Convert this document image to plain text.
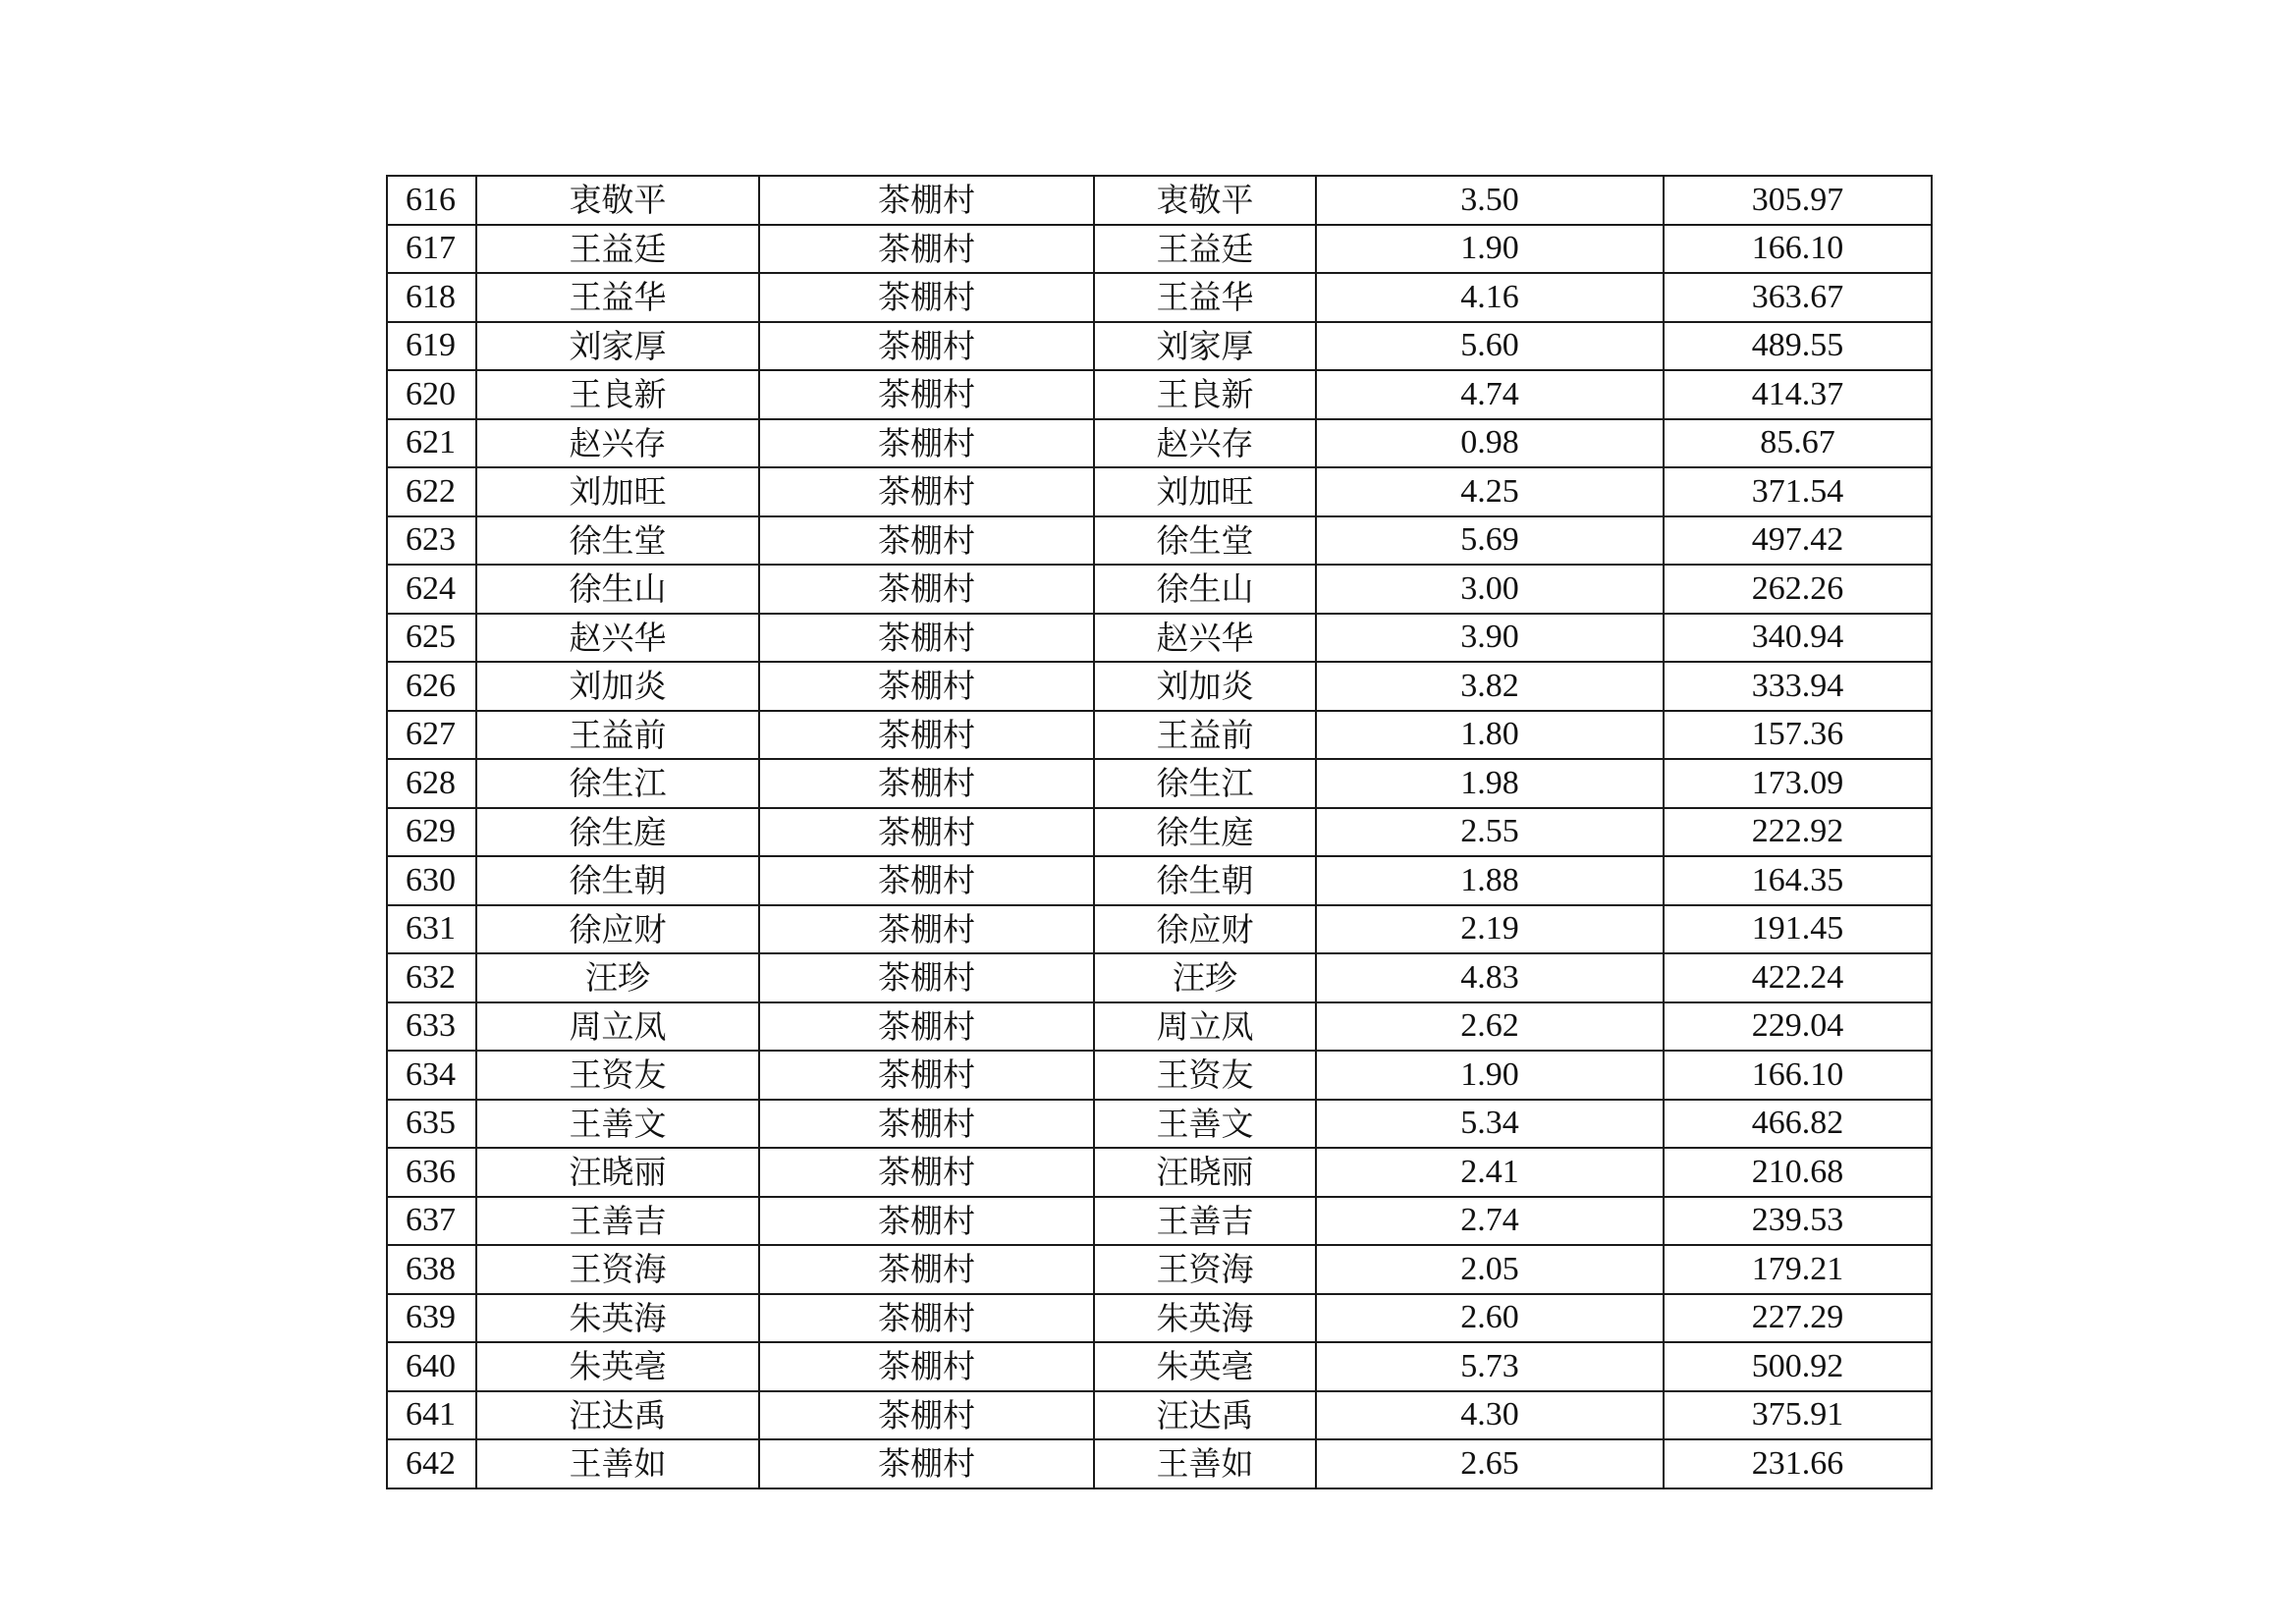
616	衷敬平	茶棚村	衷敬平	3.50	305.97
617	王益廷	茶棚村	王益廷	1.90	166.10
618	王益华	茶棚村	王益华	4.16	363.67
619	刘家厚	茶棚村	刘家厚	5.60	489.55
620	王良新	茶棚村	王良新	4.74	414.37
621	赵兴存	茶棚村	赵兴存	0.98	85.67
622	刘加旺	茶棚村	刘加旺	4.25	371.54
623	徐生堂	茶棚村	徐生堂	5.69	497.42
624	徐生山	茶棚村	徐生山	3.00	262.26
625	赵兴华	茶棚村	赵兴华	3.90	340.94
626	刘加炎	茶棚村	刘加炎	3.82	333.94
627	王益前	茶棚村	王益前	1.80	157.36
628	徐生江	茶棚村	徐生江	1.98	173.09
629	徐生庭	茶棚村	徐生庭	2.55	222.92
630	徐生朝	茶棚村	徐生朝	1.88	164.35
631	徐应财	茶棚村	徐应财	2.19	191.45
632	汪珍	茶棚村	汪珍	4.83	422.24
633	周立凤	茶棚村	周立凤	2.62	229.04
634	王资友	茶棚村	王资友	1.90	166.10
635	王善文	茶棚村	王善文	5.34	466.82
636	汪晓丽	茶棚村	汪晓丽	2.41	210.68
637	王善吉	茶棚村	王善吉	2.74	239.53
638	王资海	茶棚村	王资海	2.05	179.21
639	朱英海	茶棚村	朱英海	2.60	227.29
640	朱英亳	茶棚村	朱英亳	5.73	500.92
641	汪达禹	茶棚村	汪达禹	4.30	375.91
642	王善如	茶棚村	王善如	2.65	231.66
